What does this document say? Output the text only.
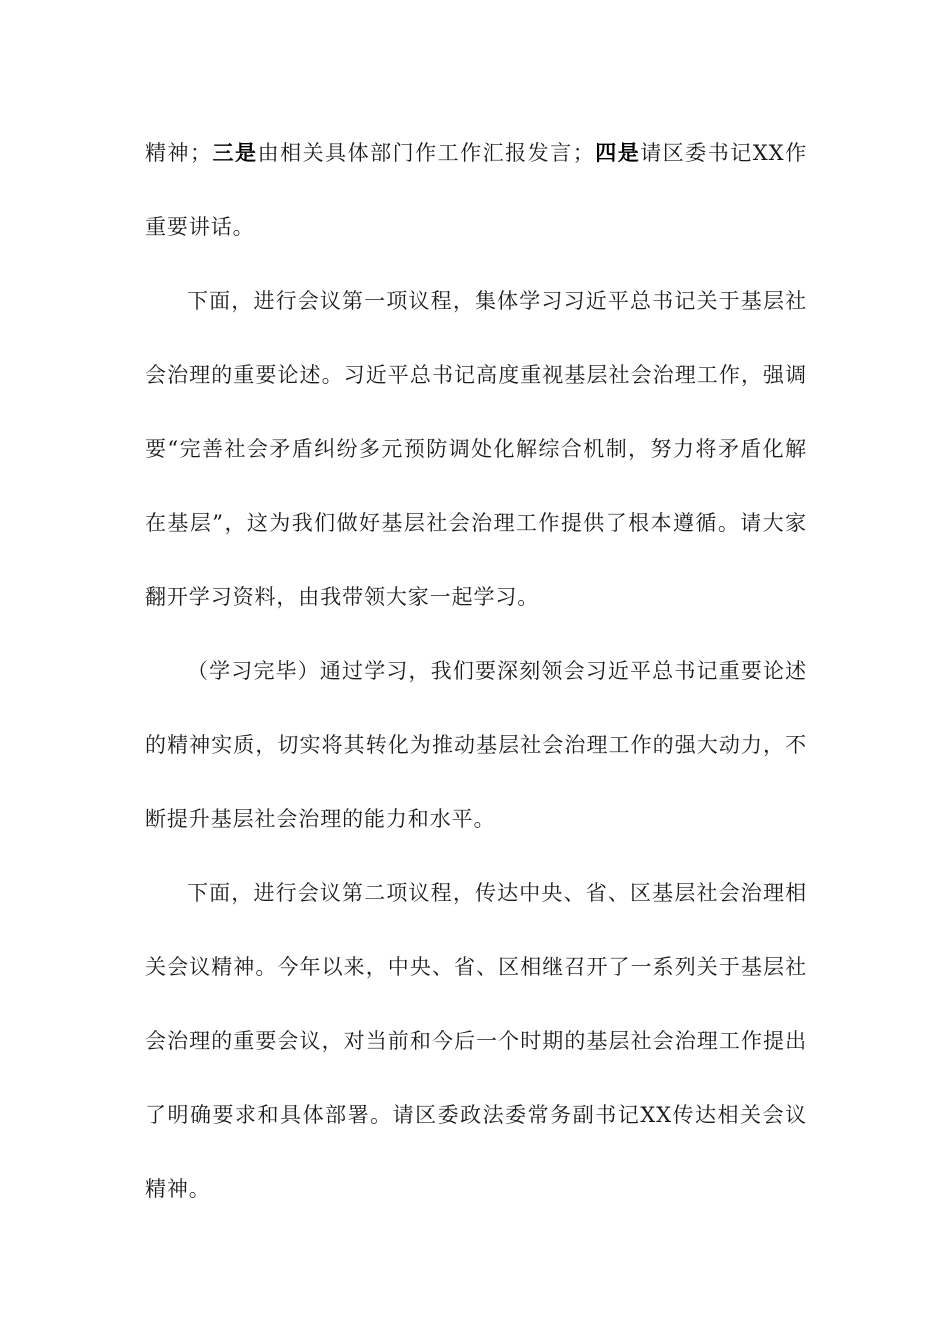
精神；三是由相关具体部门作工作汇报发言；四是请区委书记XX作重要讲话。

下面，进行会议第一项议程，集体学习习近平总书记关于基层社会治理的重要论述。习近平总书记高度重视基层社会治理工作，强调要“完善社会矛盾纠纷多元预防调处化解综合机制，努力将矛盾化解在基层”，这为我们做好基层社会治理工作提供了根本遵循。请大家翻开学习资料，由我带领大家一起学习。

（学习完毕）通过学习，我们要深刻领会习近平总书记重要论述的精神实质，切实将其转化为推动基层社会治理工作的强大动力，不断提升基层社会治理的能力和水平。

下面，进行会议第二项议程，传达中央、省、区基层社会治理相关会议精神。今年以来，中央、省、区相继召开了一系列关于基层社会治理的重要会议，对当前和今后一个时期的基层社会治理工作提出了明确要求和具体部署。请区委政法委常务副书记XX传达相关会议精神。
